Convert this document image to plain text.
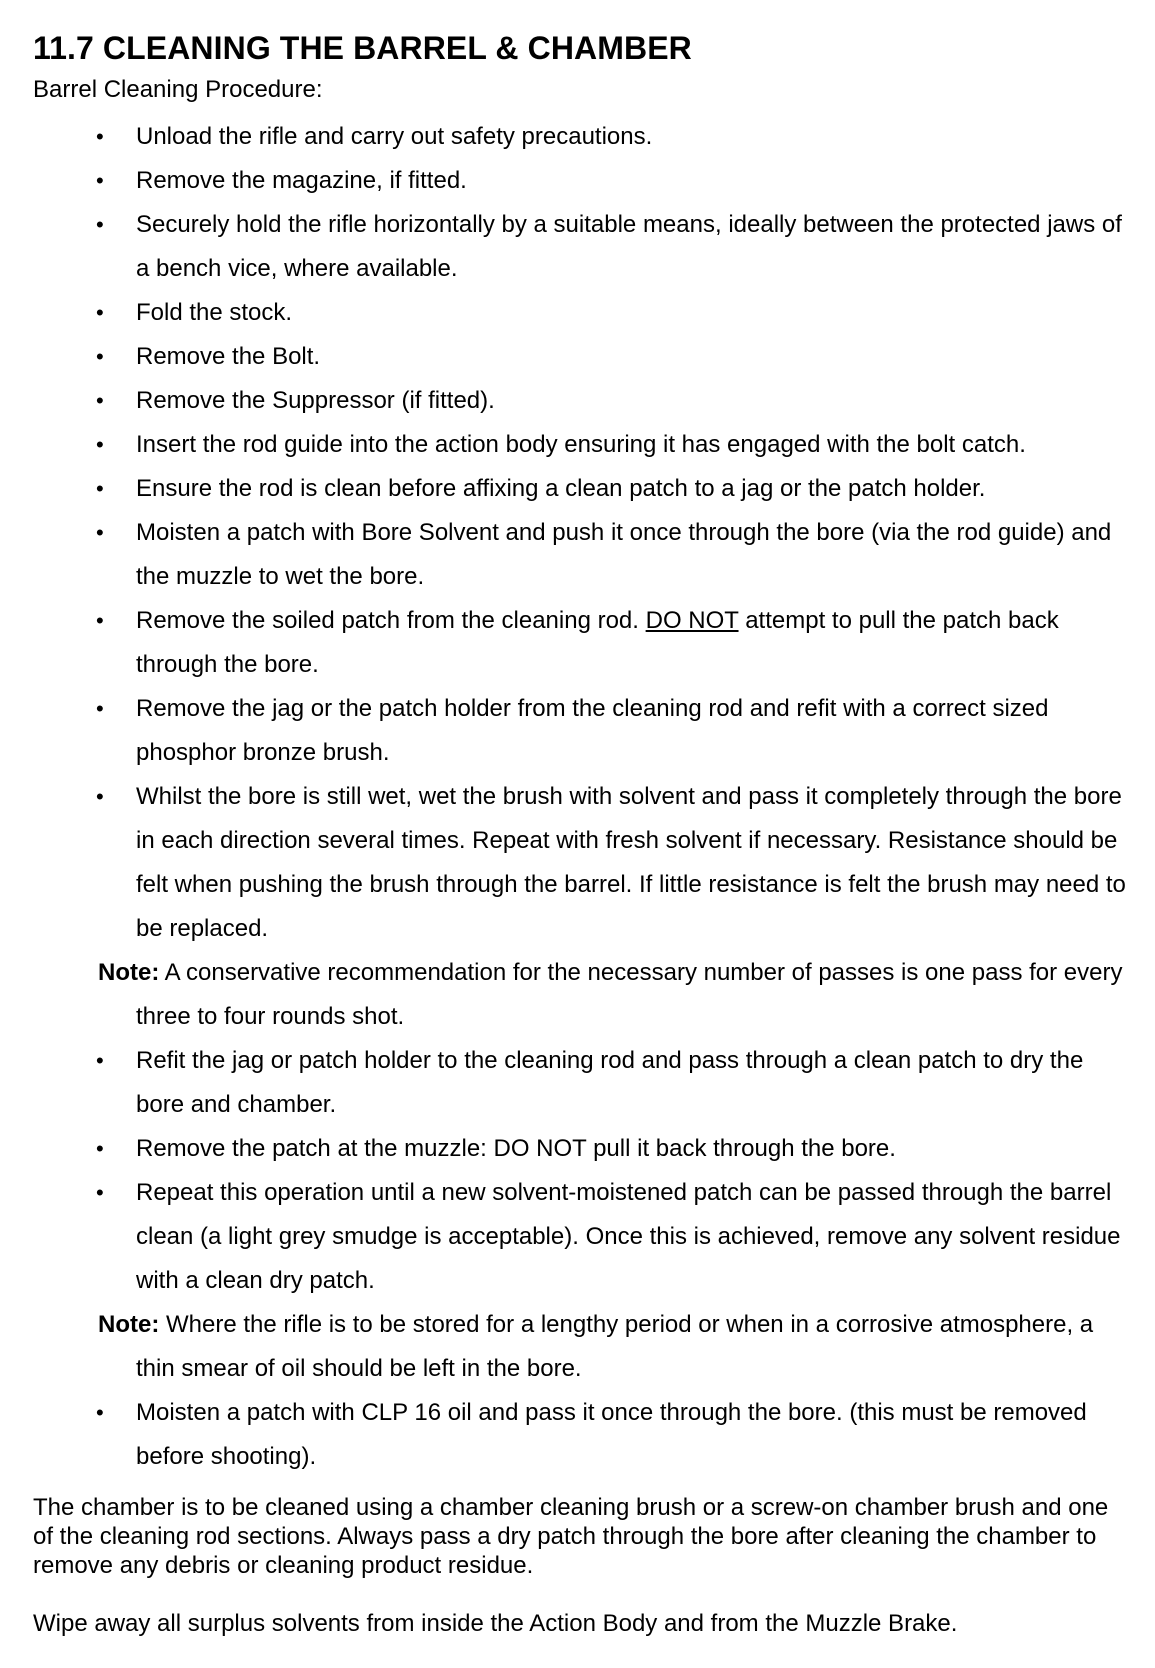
11.7 CLEANING THE BARREL & CHAMBER
Barrel Cleaning Procedure:
• Unload the rifle and carry out safety precautions.
• Remove the magazine, if fitted.
• Securely hold the rifle horizontally by a suitable means, ideally between the protected jaws of a bench vice, where available.
• Fold the stock.
• Remove the Bolt.
• Remove the Suppressor (if fitted).
• Insert the rod guide into the action body ensuring it has engaged with the bolt catch.
• Ensure the rod is clean before affixing a clean patch to a jag or the patch holder.
• Moisten a patch with Bore Solvent and push it once through the bore (via the rod guide) and the muzzle to wet the bore.
• Remove the soiled patch from the cleaning rod. DO NOT attempt to pull the patch back through the bore.
• Remove the jag or the patch holder from the cleaning rod and refit with a correct sized phosphor bronze brush.
• Whilst the bore is still wet, wet the brush with solvent and pass it completely through the bore in each direction several times. Repeat with fresh solvent if necessary. Resistance should be felt when pushing the brush through the barrel. If little resistance is felt the brush may need to be replaced.
Note: A conservative recommendation for the necessary number of passes is one pass for every three to four rounds shot.
• Refit the jag or patch holder to the cleaning rod and pass through a clean patch to dry the bore and chamber.
• Remove the patch at the muzzle: DO NOT pull it back through the bore.
• Repeat this operation until a new solvent-moistened patch can be passed through the barrel clean (a light grey smudge is acceptable). Once this is achieved, remove any solvent residue with a clean dry patch.
Note: Where the rifle is to be stored for a lengthy period or when in a corrosive atmosphere, a thin smear of oil should be left in the bore.
• Moisten a patch with CLP 16 oil and pass it once through the bore. (this must be removed before shooting).

The chamber is to be cleaned using a chamber cleaning brush or a screw-on chamber brush and one of the cleaning rod sections. Always pass a dry patch through the bore after cleaning the chamber to remove any debris or cleaning product residue.

Wipe away all surplus solvents from inside the Action Body and from the Muzzle Brake.
